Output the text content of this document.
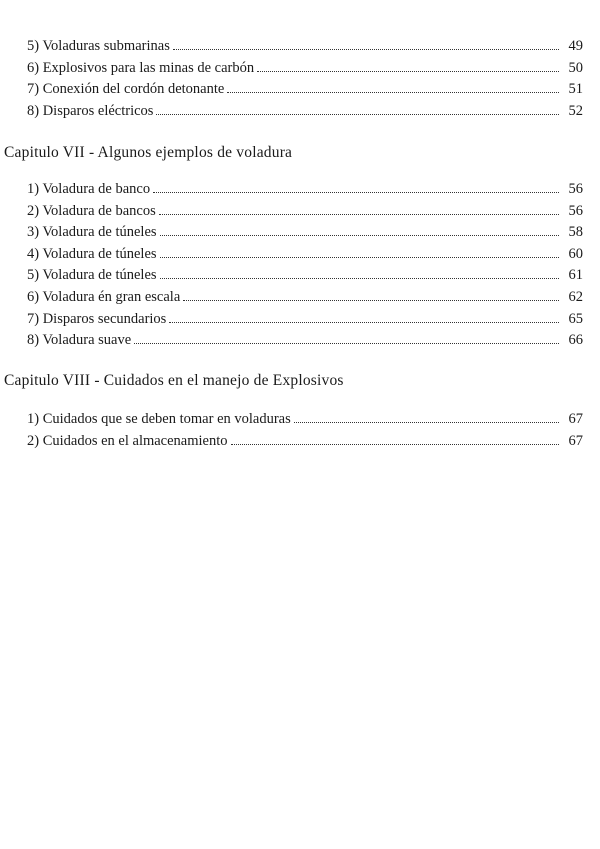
5) Voladuras submarinas	49
6) Explosivos para las minas de carbón	50
7) Conexión del cordón detonante	51
8) Disparos eléctricos	52
Capitulo VII - Algunos ejemplos de voladura
1) Voladura de banco	56
2) Voladura de bancos	56
3) Voladura de túneles	58
4) Voladura de túneles	60
5) Voladura de túneles	61
6) Voladura én gran escala	62
7) Disparos secundarios	65
8) Voladura suave	66
Capitulo VIII - Cuidados en el manejo de Explosivos
1) Cuidados que se deben tomar en voladuras	67
2) Cuidados en el almacenamiento	67
